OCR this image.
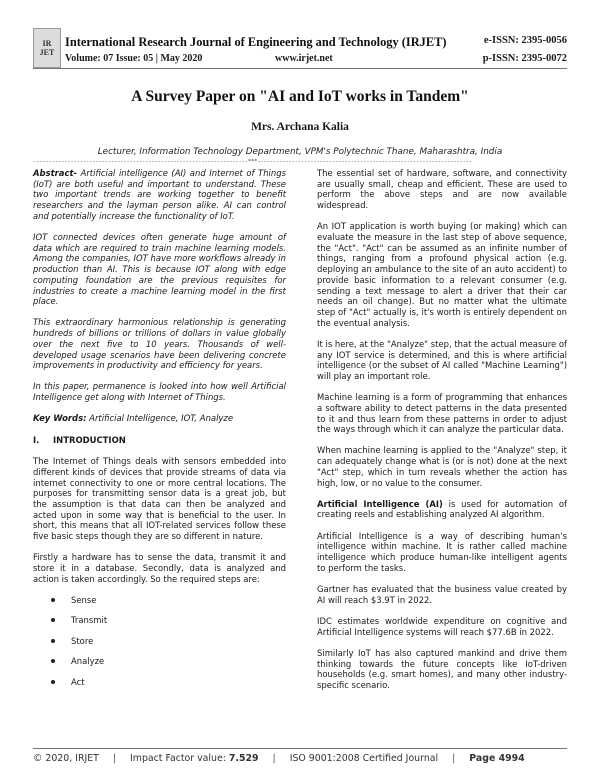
IR
JET
International Research Journal of Engineering and Technology (IRJET)	e-ISSN: 2395-0056
Volume: 07 Issue: 05 | May 2020	www.irjet.net	p-ISSN: 2395-0072
A Survey Paper on "AI and IoT works in Tandem"
Mrs. Archana Kalia
Lecturer, Information Technology Department, VPM's Polytechnic Thane, Maharashtra, India
---------------------------------------------------------------------***---------------------------------------------------------------------

Abstract- Artificial intelligence (AI) and Internet of Things (IoT) are both useful and important to understand. These two important trends are working together to benefit researchers and the layman person alike. AI can control and potentially increase the functionality of IoT.

IOT connected devices often generate huge amount of data which are required to train machine learning models. Among the companies, IOT have more workflows already in production than AI. This is because IOT along with edge computing foundation are the previous requisites for industries to create a machine learning model in the first place.

This extraordinary harmonious relationship is generating hundreds of billions or trillions of dollars in value globally over the next five to 10 years. Thousands of well-developed usage scenarios have been delivering concrete improvements in productivity and efficiency for years.

In this paper, permanence is looked into how well Artificial Intelligence get along with Internet of Things.

Key Words: Artificial Intelligence, IOT, Analyze

I. INTRODUCTION

The Internet of Things deals with sensors embedded into different kinds of devices that provide streams of data via internet connectivity to one or more central locations. The purposes for transmitting sensor data is a great job, but the assumption is that data can then be analyzed and acted upon in some way that is beneficial to the user. In short, this means that all IOT-related services follow these five basic steps though they are so different in nature.

Firstly a hardware has to sense the data, transmit it and store it in a database. Secondly, data is analyzed and action is taken accordingly. So the required steps are:

Sense
Transmit
Store
Analyze
Act

The essential set of hardware, software, and connectivity are usually small, cheap and efficient. These are used to perform the above steps and are now available widespread.

An IOT application is worth buying (or making) which can evaluate the measure in the last step of above sequence, the "Act". "Act" can be assumed as an infinite number of things, ranging from a profound physical action (e.g. deploying an ambulance to the site of an auto accident) to provide basic information to a relevant consumer (e.g. sending a text message to alert a driver that their car needs an oil change). But no matter what the ultimate step of "Act" actually is, it's worth is entirely dependent on the eventual analysis.

It is here, at the "Analyze" step, that the actual measure of any IOT service is determined, and this is where artificial intelligence (or the subset of AI called "Machine Learning") will play an important role.

Machine learning is a form of programming that enhances a software ability to detect patterns in the data presented to it and thus learn from these patterns in order to adjust the ways through which it can analyze the particular data.

When machine learning is applied to the "Analyze" step, it can adequately change what is (or is not) done at the next "Act" step, which in turn reveals whether the action has high, low, or no value to the consumer.

Artificial Intelligence (AI) is used for automation of creating reels and establishing analyzed AI algorithm.

Artificial Intelligence is a way of describing human's intelligence within machine. It is rather called machine intelligence which produce human-like intelligent agents to perform the tasks.

Gartner has evaluated that the business value created by AI will reach $3.9T in 2022.

IDC estimates worldwide expenditure on cognitive and Artificial Intelligence systems will reach $77.6B in 2022.

Similarly IoT has also captured mankind and drive them thinking towards the future concepts like IoT-driven households (e.g. smart homes), and many other industry-specific scenario.

© 2020, IRJET | Impact Factor value: 7.529 | ISO 9001:2008 Certified Journal | Page 4994
